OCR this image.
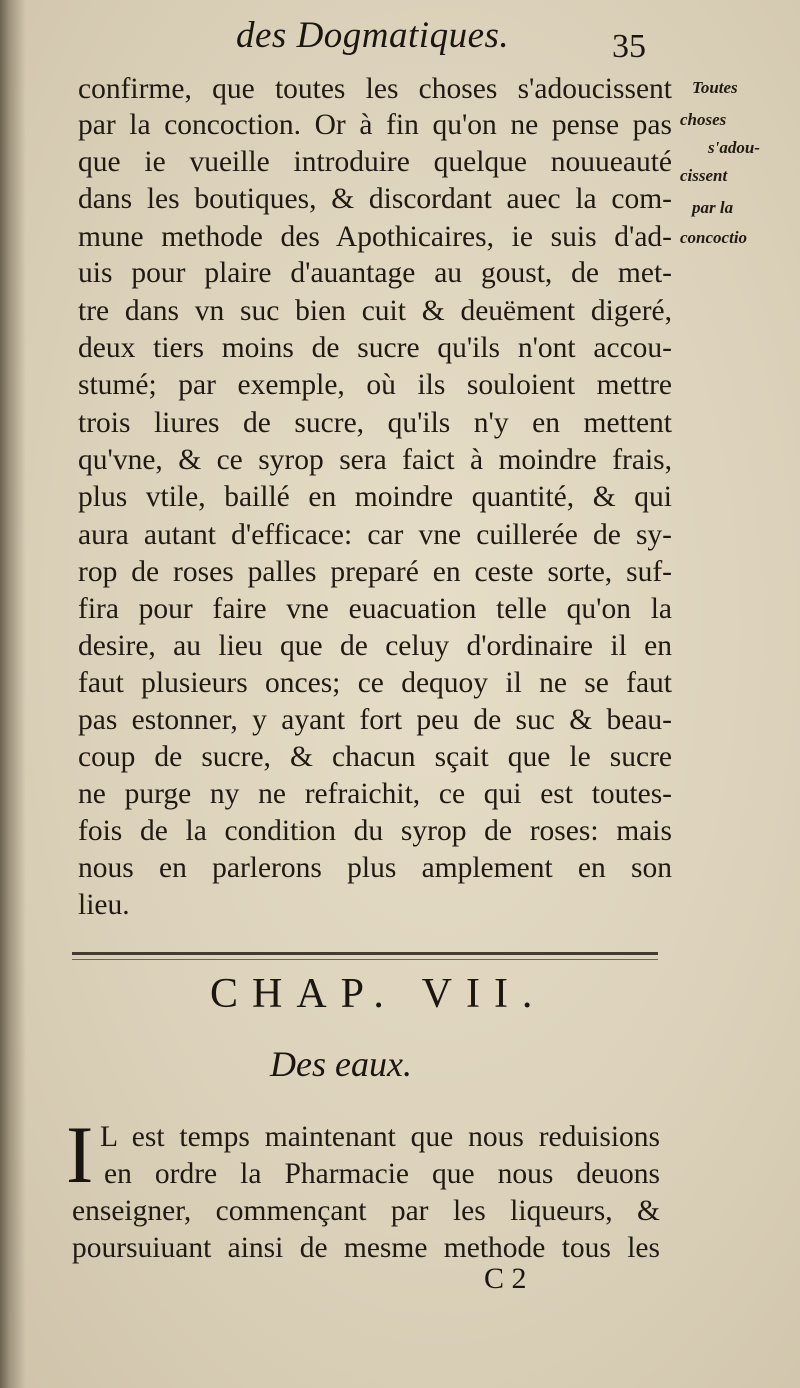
des Dogmatiques.	35
confirme, que toutes les choses s'adoucissent
par la concoction. Or à fin qu'on ne pense pas
que ie vueille introduire quelque nouueauté
dans les boutiques, & discordant auec la com-
mune methode des Apothicaires, ie suis d'ad-
uis pour plaire d'auantage au goust, de met-
tre dans vn suc bien cuit & deuëment digeré,
deux tiers moins de sucre qu'ils n'ont accou-
stumé; par exemple, où ils souloient mettre
trois liures de sucre, qu'ils n'y en mettent
qu'vne, & ce syrop sera faict à moindre frais,
plus vtile, baillé en moindre quantité, & qui
aura autant d'efficace: car vne cuillerée de sy-
rop de roses palles preparé en ceste sorte, suf-
fira pour faire vne euacuation telle qu'on la
desire, au lieu que de celuy d'ordinaire il en
faut plusieurs onces; ce dequoy il ne se faut
pas estonner, y ayant fort peu de suc & beau-
coup de sucre, & chacun sçait que le sucre
ne purge ny ne refraichit, ce qui est toutes-
fois de la condition du syrop de roses: mais
nous en parlerons plus amplement en son
lieu.
Toutes
choses
s'adou-
cissent
par la
concoctio
CHAP. VII.
Des eaux.
I L est temps maintenant que nous reduisions
en ordre la Pharmacie que nous deuons
enseigner, commençant par les liqueurs, &
poursuiuant ainsi de mesme methode tous les
C 2
